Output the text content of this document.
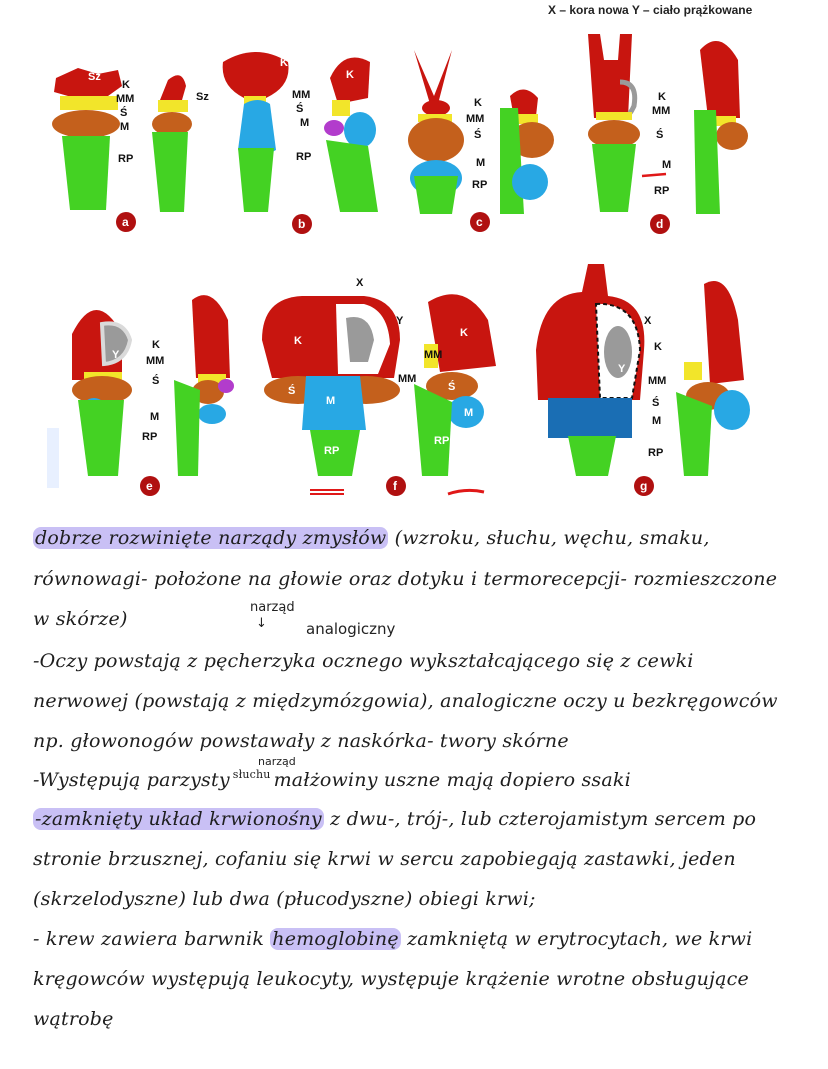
Sz
K
MM
Ś
M
RP
Sz
a
K
K
MM
Ś
M
RP
b
K
MM
Ś
M
RP
c
K
MM
Ś
M
RP
d
Y
K
MM
Ś
M
RP
e
X
Y
K
Ś
M
RP
MM
MM
K
Ś
M
RP
f
X
Y
K
MM
Ś
M
RP
g
X – kora nowa Y – ciało prążkowane
dobrze rozwinięte narządy zmysłów (wzroku, słuchu, węchu, smaku,
równowagi- położone na głowie oraz dotyku i termorecepcji- rozmieszczone
w skórze)
narząd
↓	analogiczny
-Oczy powstają z pęcherzyka ocznego wykształcającego się z cewki
nerwowej (powstają z międzymózgowia), analogiczne oczy u bezkręgowców
np. głowonogów powstawały z naskórka- twory skórne
narząd
-Występują parzysty $^{słuchu}$ małżowiny uszne mają dopiero ssaki
-zamknięty układ krwionośny z dwu-, trój-, lub czterojamistym sercem po
stronie brzusznej, cofaniu się krwi w sercu zapobiegają zastawki, jeden
(skrzelodyszne) lub dwa (płucodyszne) obiegi krwi;
- krew zawiera barwnik hemoglobinę zamkniętą w erytrocytach, we krwi
kręgowców występują leukocyty, występuje krążenie wrotne obsługujące
wątrobę
